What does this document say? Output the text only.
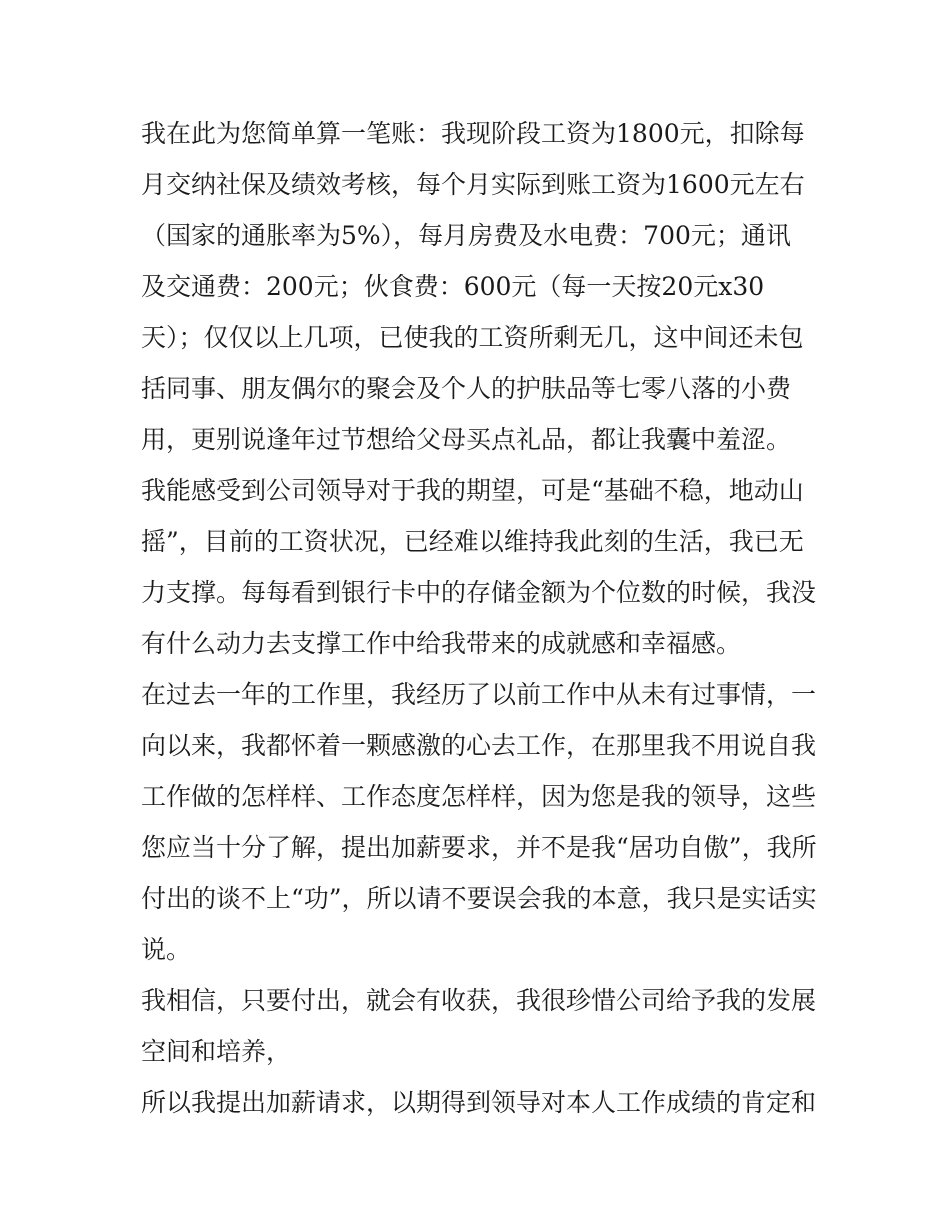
我在此为您简单算一笔账：我现阶段工资为1800元，扣除每
月交纳社保及绩效考核，每个月实际到账工资为1600元左右
（国家的通胀率为5%），每月房费及水电费：700元；通讯
及交通费：200元；伙食费：600元（每一天按20元x30
天）；仅仅以上几项，已使我的工资所剩无几，这中间还未包
括同事、朋友偶尔的聚会及个人的护肤品等七零八落的小费
用，更别说逢年过节想给父母买点礼品，都让我囊中羞涩。
我能感受到公司领导对于我的期望，可是“基础不稳，地动山
摇”，目前的工资状况，已经难以维持我此刻的生活，我已无
力支撑。每每看到银行卡中的存储金额为个位数的时候，我没
有什么动力去支撑工作中给我带来的成就感和幸福感。
在过去一年的工作里，我经历了以前工作中从未有过事情，一
向以来，我都怀着一颗感激的心去工作，在那里我不用说自我
工作做的怎样样、工作态度怎样样，因为您是我的领导，这些
您应当十分了解，提出加薪要求，并不是我“居功自傲”，我所
付出的谈不上“功”，所以请不要误会我的本意，我只是实话实
说。
我相信，只要付出，就会有收获，我很珍惜公司给予我的发展
空间和培养，
所以我提出加薪请求，以期得到领导对本人工作成绩的肯定和
